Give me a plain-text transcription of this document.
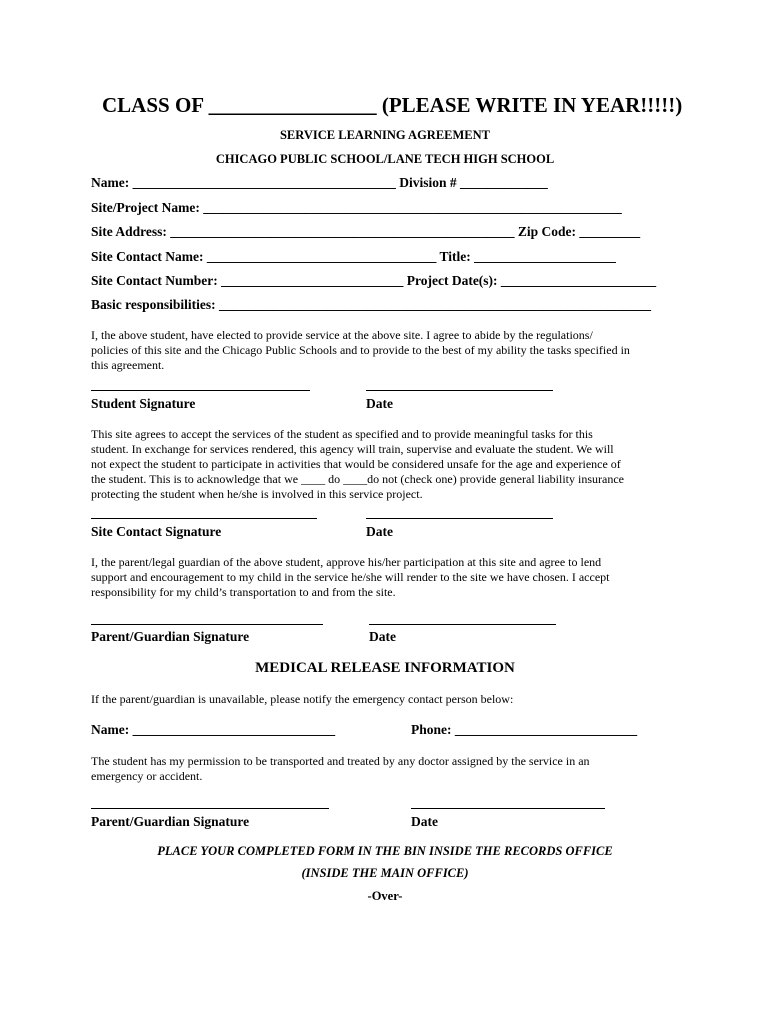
CLASS OF ________________ (PLEASE WRITE IN YEAR!!!!!)
SERVICE LEARNING AGREEMENT
CHICAGO PUBLIC SCHOOL/LANE TECH HIGH SCHOOL
Name: _______________________________________ Division # _____________
Site/Project Name: ______________________________________________________________
Site Address: ___________________________________________________ Zip Code: _________
Site Contact Name: __________________________________ Title: _____________________
Site Contact Number: ___________________________ Project Date(s): _______________________
Basic responsibilities: ________________________________________________________________
I, the above student, have elected to provide service at the above site. I agree to abide by the regulations/ policies of this site and the Chicago Public Schools and to provide to the best of my ability the tasks specified in this agreement.
Student Signature	Date
This site agrees to accept the services of the student as specified and to provide meaningful tasks for this student. In exchange for services rendered, this agency will train, supervise and evaluate the student. We will not expect the student to participate in activities that would be considered unsafe for the age and experience of the student. This is to acknowledge that we ____ do ____do not (check one) provide general liability insurance protecting the student when he/she is involved in this service project.
Site Contact Signature	Date
I, the parent/legal guardian of the above student, approve his/her participation at this site and agree to lend support and encouragement to my child in the service he/she will render to the site we have chosen. I accept responsibility for my child’s transportation to and from the site.
Parent/Guardian Signature	Date
MEDICAL RELEASE INFORMATION
If the parent/guardian is unavailable, please notify the emergency contact person below:
Name: ______________________________	Phone: ___________________________
The student has my permission to be transported and treated by any doctor assigned by the service in an emergency or accident.
Parent/Guardian Signature	Date
PLACE YOUR COMPLETED FORM IN THE BIN INSIDE THE RECORDS OFFICE
(INSIDE THE MAIN OFFICE)
-Over-
